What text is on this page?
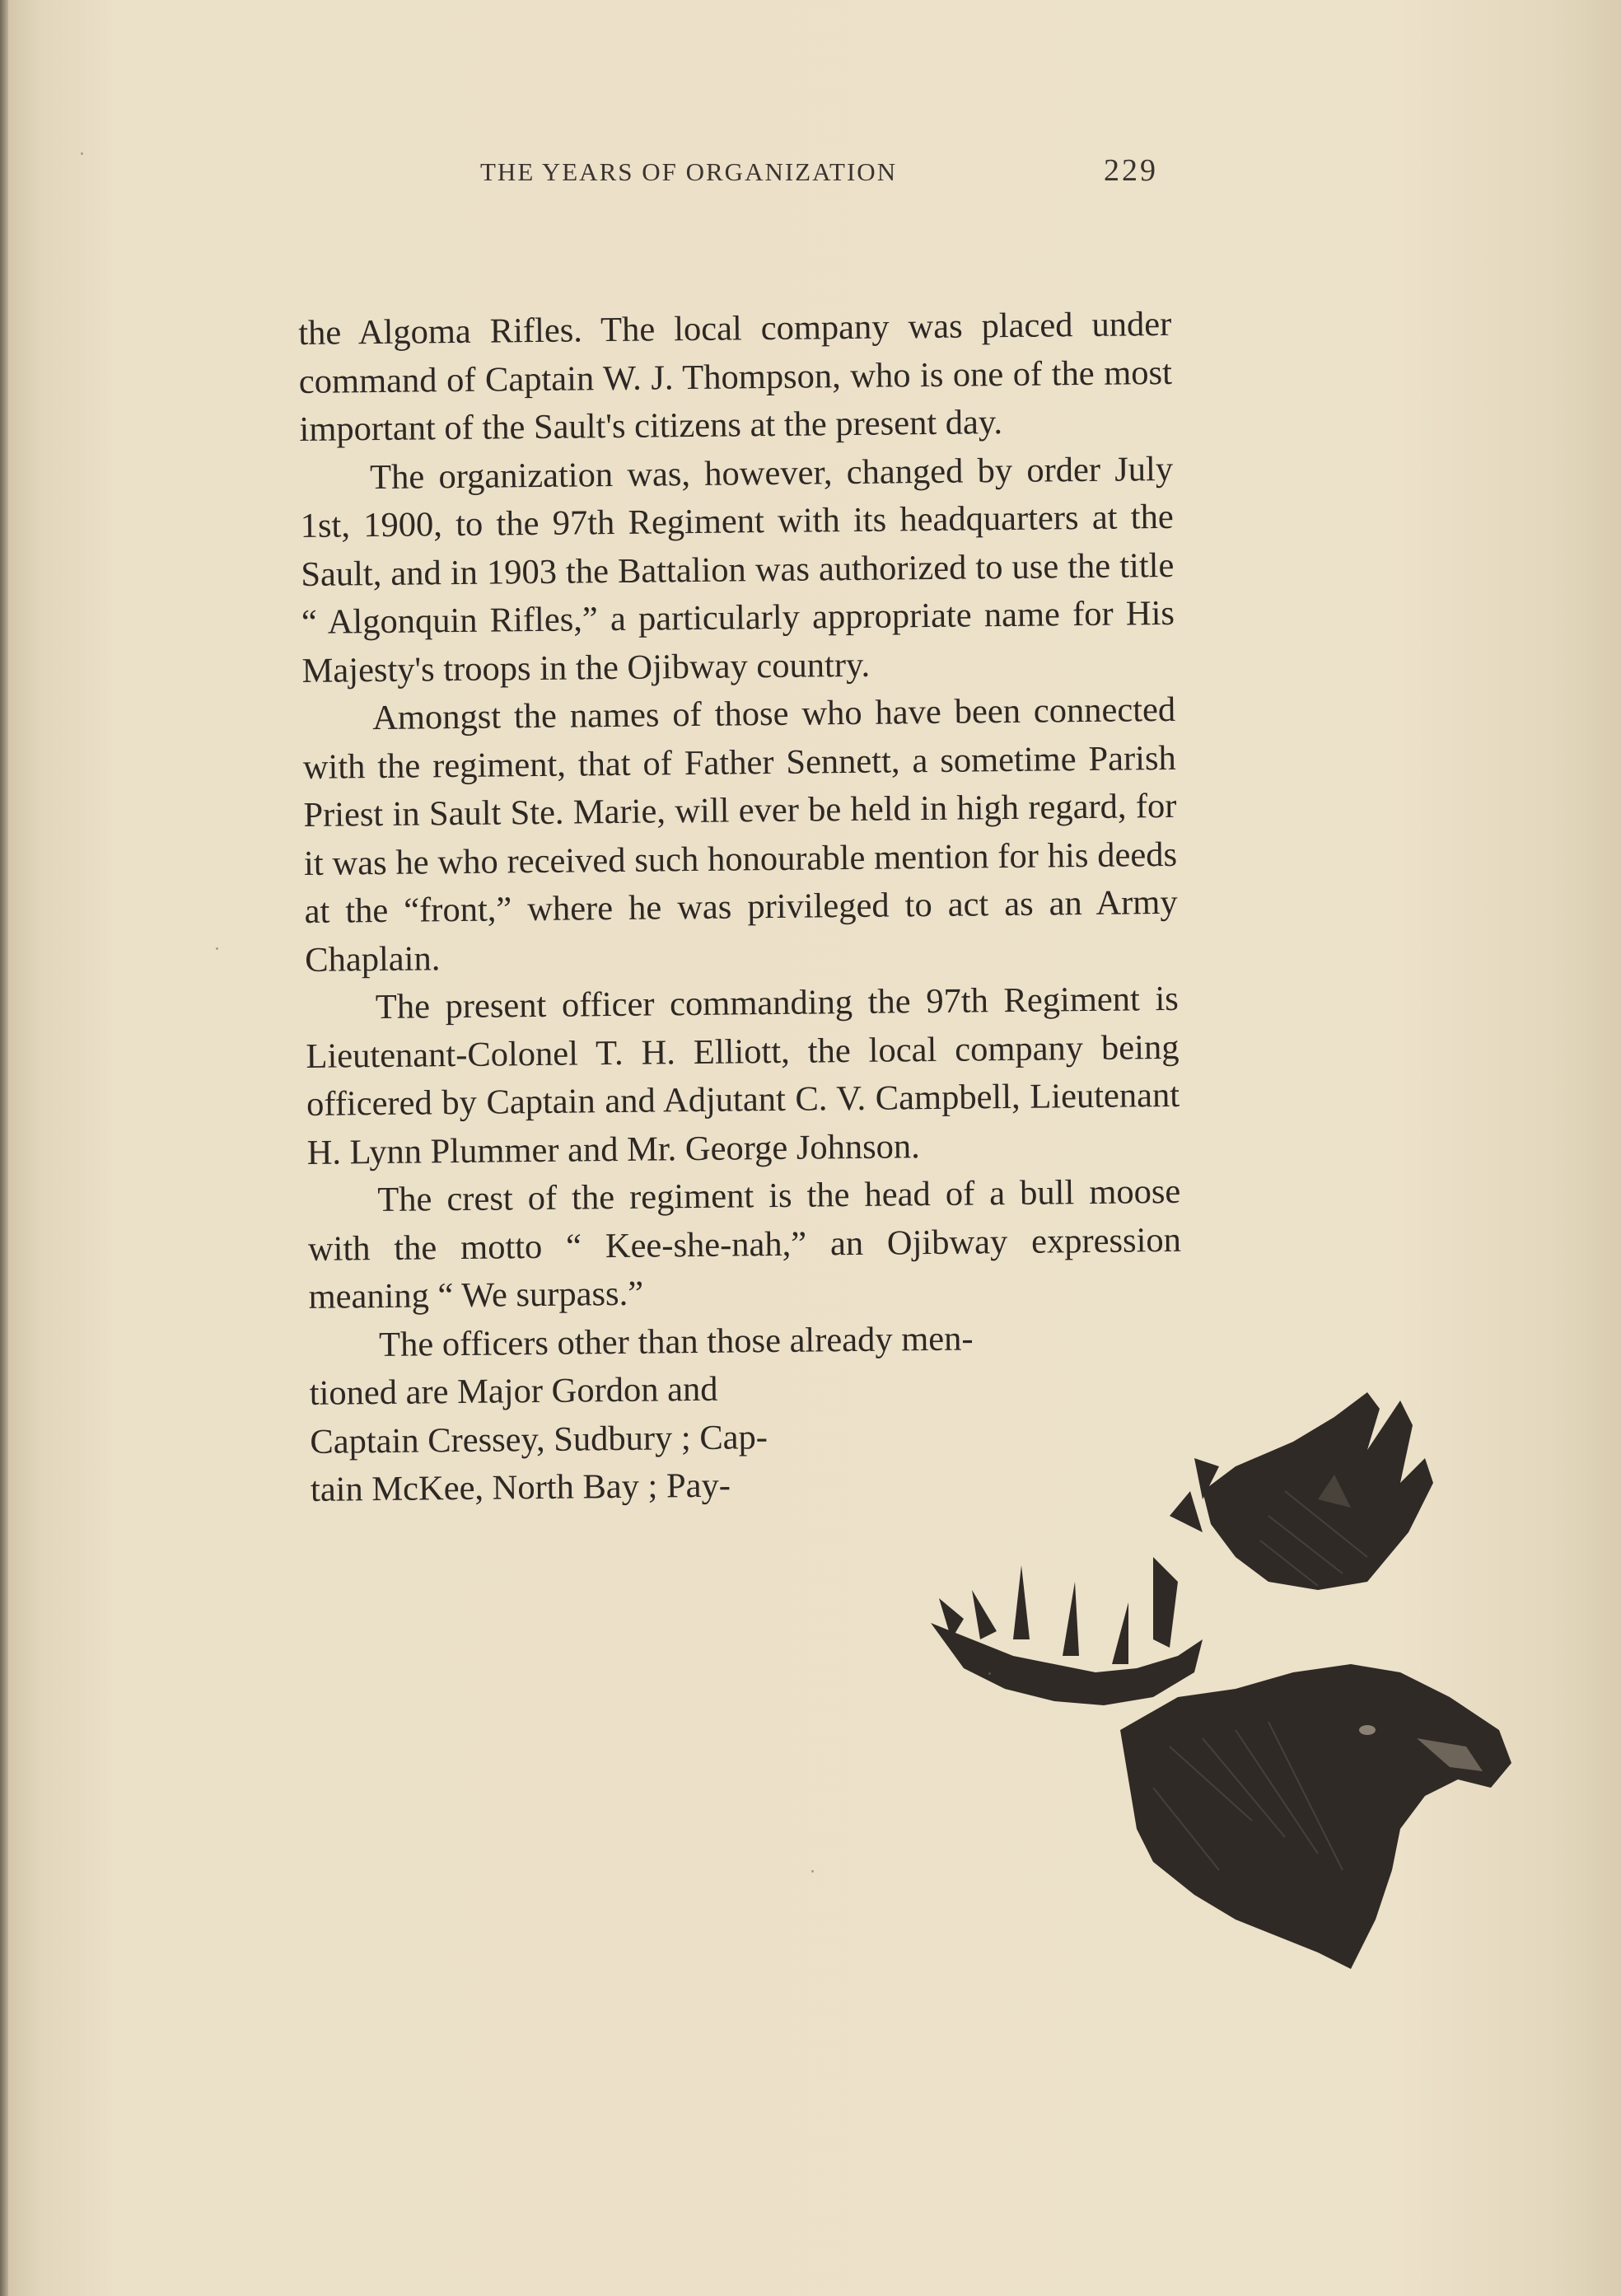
THE YEARS OF ORGANIZATION	229

the Algoma Rifles. The local company was placed under command of Captain W. J. Thompson, who is one of the most important of the Sault's citizens at the present day.

The organization was, however, changed by order July 1st, 1900, to the 97th Regiment with its headquarters at the Sault, and in 1903 the Battalion was authorized to use the title “ Algonquin Rifles,” a particularly appropriate name for His Majesty's troops in the Ojibway country.

Amongst the names of those who have been connected with the regiment, that of Father Sennett, a sometime Parish Priest in Sault Ste. Marie, will ever be held in high regard, for it was he who received such honourable mention for his deeds at the “front,” where he was privileged to act as an Army Chaplain.

The present officer commanding the 97th Regiment is Lieutenant-Colonel T. H. Elliott, the local company being officered by Captain and Adjutant C. V. Campbell, Lieutenant H. Lynn Plummer and Mr. George Johnson.

The crest of the regiment is the head of a bull moose with the motto “ Kee-she-nah,” an Ojibway expression meaning “ We surpass.”

The officers other than those already men-

tioned are Major Gordon and

Captain Cressey, Sudbury ; Cap-

tain McKee, North Bay ; Pay-
